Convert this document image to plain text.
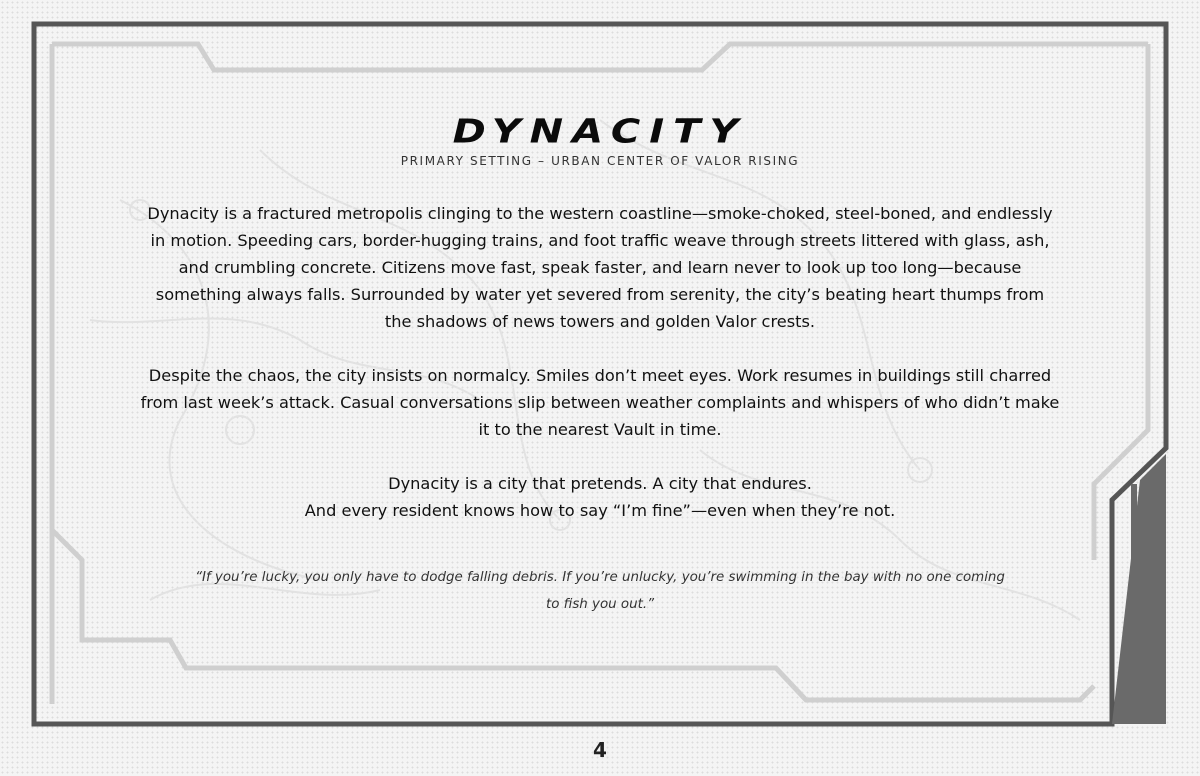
DYNACITY

PRIMARY SETTING – URBAN CENTER OF VALOR RISING

Dynacity is a fractured metropolis clinging to the western coastline—smoke-choked, steel-boned, and endlessly in motion. Speeding cars, border-hugging trains, and foot traffic weave through streets littered with glass, ash, and crumbling concrete. Citizens move fast, speak faster, and learn never to look up too long—because something always falls. Surrounded by water yet severed from serenity, the city’s beating heart thumps from the shadows of news towers and golden Valor crests.

Despite the chaos, the city insists on normalcy. Smiles don’t meet eyes. Work resumes in buildings still charred from last week’s attack. Casual conversations slip between weather complaints and whispers of who didn’t make it to the nearest Vault in time.

Dynacity is a city that pretends. A city that endures.
And every resident knows how to say “I’m fine”—even when they’re not.

“If you’re lucky, you only have to dodge falling debris. If you’re unlucky, you’re swimming in the bay with no one coming to fish you out.”

4
